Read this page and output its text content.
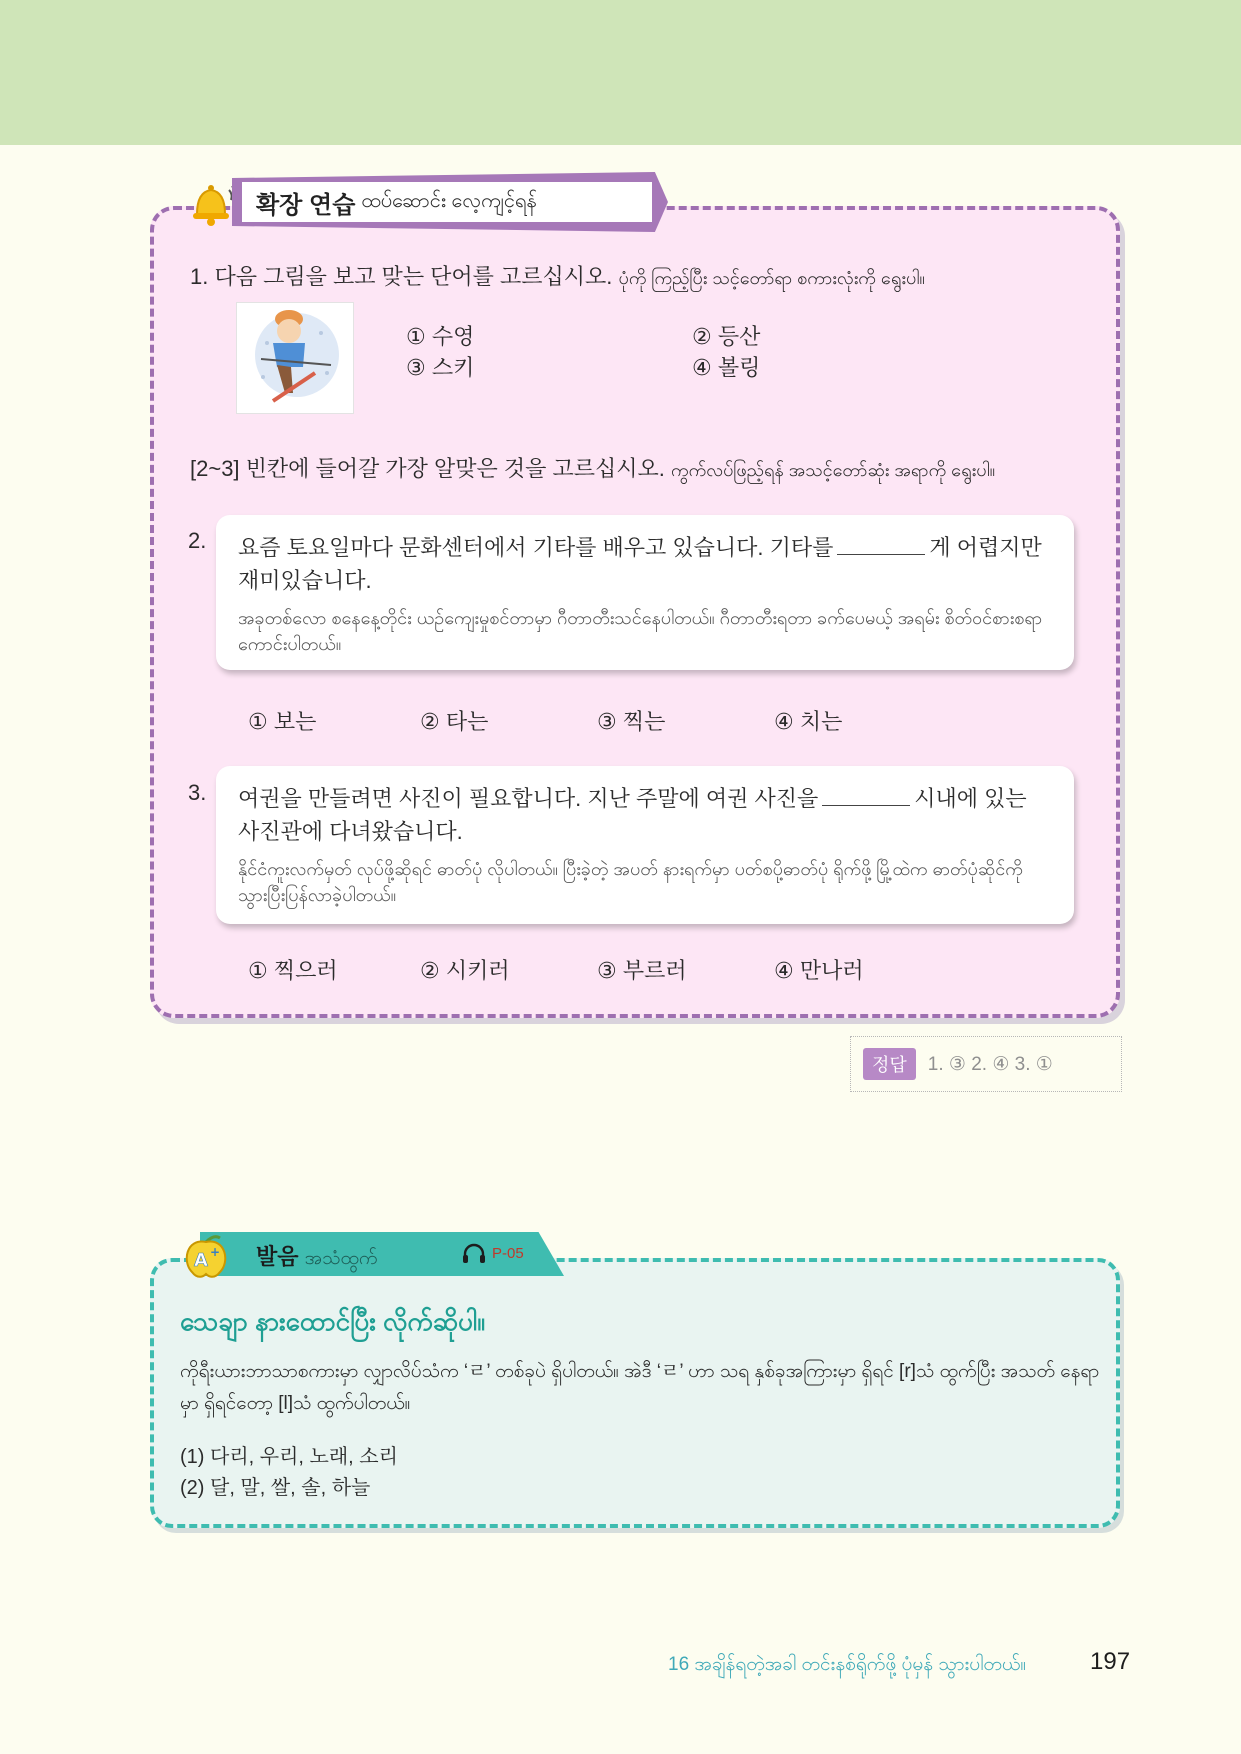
확장 연습 ထပ်ဆောင်း လေ့ကျင့်ရန်
1. 다음 그림을 보고 맞는 단어를 고르십시오. ပုံကို ကြည့်ပြီး သင့်တော်ရာ စကားလုံးကို ရွေးပါ။
① 수영	② 등산
③ 스키	④ 볼링
[2~3] 빈칸에 들어갈 가장 알맞은 것을 고르십시오. ကွက်လပ်ဖြည့်ရန် အသင့်တော်ဆုံး အရာကို ရွေးပါ။
2. 요즘 토요일마다 문화센터에서 기타를 배우고 있습니다. 기타를	게 어렵지만 재미있습니다.
အခုတစ်လော စနေနေ့တိုင်း ယဉ်ကျေးမှုစင်တာမှာ ဂီတာတီးသင်နေပါတယ်။ ဂီတာတီးရတာ ခက်ပေမယ့် အရမ်း စိတ်ဝင်စားစရာ ကောင်းပါတယ်။
① 보는	② 타는	③ 찍는	④ 치는
3. 여권을 만들려면 사진이 필요합니다. 지난 주말에 여권 사진을	시내에 있는 사진관에 다녀왔습니다.
နိုင်ငံကူးလက်မှတ် လုပ်ဖို့ဆိုရင် ဓာတ်ပုံ လိုပါတယ်။ ပြီးခဲ့တဲ့ အပတ် နားရက်မှာ ပတ်စပို့ဓာတ်ပုံ ရိုက်ဖို့ မြို့ထဲက ဓာတ်ပုံဆိုင်ကို သွားပြီးပြန်လာခဲ့ပါတယ်။
① 찍으러	② 시키러	③ 부르러	④ 만나러
정답	1. ③ 2. ④ 3. ①
A + 발음 အသံထွက်	P-05
သေချာ နားထောင်ပြီး လိုက်ဆိုပါ။
ကိုရီးယားဘာသာစကားမှာ လျှာလိပ်သံက ‘ㄹ’ တစ်ခုပဲ ရှိပါတယ်။ အဲဒီ ‘ㄹ’ ဟာ သရ နှစ်ခုအကြားမှာ ရှိရင် [r]သံ ထွက်ပြီး အသတ် နေရာမှာ ရှိရင်တော့ [l]သံ ထွက်ပါတယ်။
(1) 다리, 우리, 노래, 소리
(2) 달, 말, 쌀, 솔, 하늘
16 အချိန်ရတဲ့အခါ တင်းနစ်ရိုက်ဖို့ ပုံမှန် သွားပါတယ်။	197
